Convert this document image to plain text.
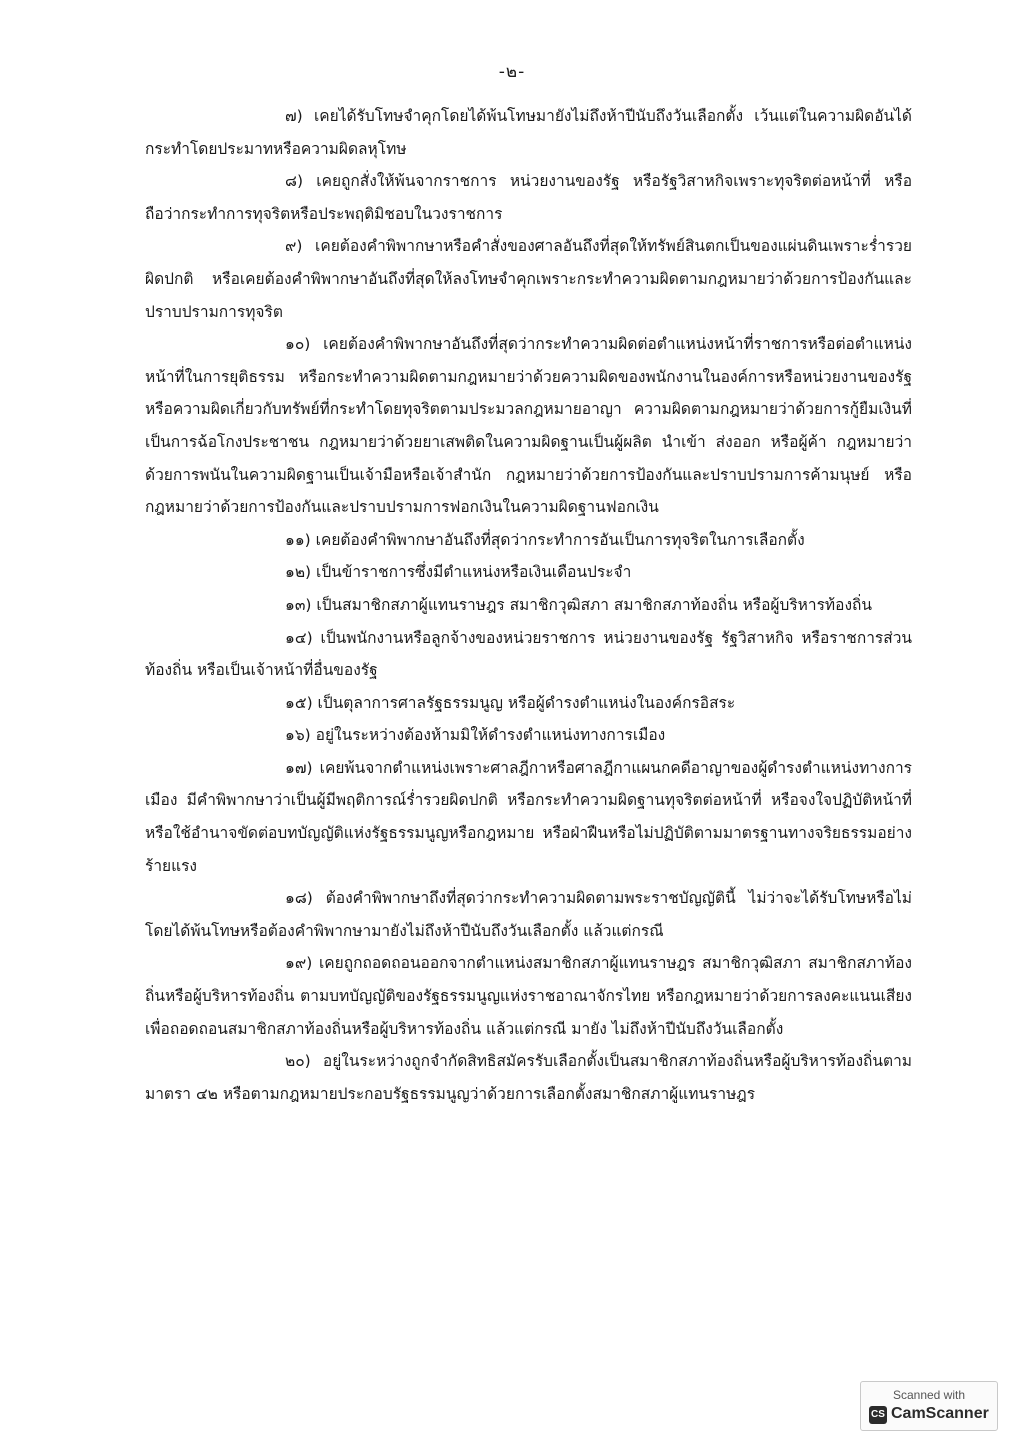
-๒-

๗) เคยได้รับโทษจำคุกโดยได้พ้นโทษมายังไม่ถึงห้าปีนับถึงวันเลือกตั้ง เว้นแต่ในความผิดอันได้กระทำโดยประมาทหรือความผิดลหุโทษ

๘) เคยถูกสั่งให้พ้นจากราชการ หน่วยงานของรัฐ หรือรัฐวิสาหกิจเพราะทุจริตต่อหน้าที่ หรือถือว่ากระทำการทุจริตหรือประพฤติมิชอบในวงราชการ

๙) เคยต้องคำพิพากษาหรือคำสั่งของศาลอันถึงที่สุดให้ทรัพย์สินตกเป็นของแผ่นดินเพราะร่ำรวยผิดปกติ หรือเคยต้องคำพิพากษาอันถึงที่สุดให้ลงโทษจำคุกเพราะกระทำความผิดตามกฎหมายว่าด้วยการป้องกันและปราบปรามการทุจริต

๑๐) เคยต้องคำพิพากษาอันถึงที่สุดว่ากระทำความผิดต่อตำแหน่งหน้าที่ราชการหรือต่อตำแหน่งหน้าที่ในการยุติธรรม หรือกระทำความผิดตามกฎหมายว่าด้วยความผิดของพนักงานในองค์การหรือหน่วยงานของรัฐ หรือความผิดเกี่ยวกับทรัพย์ที่กระทำโดยทุจริตตามประมวลกฎหมายอาญา ความผิดตามกฎหมายว่าด้วยการกู้ยืมเงินที่เป็นการฉ้อโกงประชาชน กฎหมายว่าด้วยยาเสพติดในความผิดฐานเป็นผู้ผลิต นำเข้า ส่งออก หรือผู้ค้า กฎหมายว่าด้วยการพนันในความผิดฐานเป็นเจ้ามือหรือเจ้าสำนัก กฎหมายว่าด้วยการป้องกันและปราบปรามการค้ามนุษย์ หรือกฎหมายว่าด้วยการป้องกันและปราบปรามการฟอกเงินในความผิดฐานฟอกเงิน

๑๑) เคยต้องคำพิพากษาอันถึงที่สุดว่ากระทำการอันเป็นการทุจริตในการเลือกตั้ง

๑๒) เป็นข้าราชการซึ่งมีตำแหน่งหรือเงินเดือนประจำ

๑๓) เป็นสมาชิกสภาผู้แทนราษฎร สมาชิกวุฒิสภา สมาชิกสภาท้องถิ่น หรือผู้บริหารท้องถิ่น

๑๔) เป็นพนักงานหรือลูกจ้างของหน่วยราชการ หน่วยงานของรัฐ รัฐวิสาหกิจ หรือราชการส่วนท้องถิ่น หรือเป็นเจ้าหน้าที่อื่นของรัฐ

๑๕) เป็นตุลาการศาลรัฐธรรมนูญ หรือผู้ดำรงตำแหน่งในองค์กรอิสระ

๑๖) อยู่ในระหว่างต้องห้ามมิให้ดำรงตำแหน่งทางการเมือง

๑๗) เคยพ้นจากตำแหน่งเพราะศาลฎีกาหรือศาลฎีกาแผนกคดีอาญาของผู้ดำรงตำแหน่งทางการเมือง มีคำพิพากษาว่าเป็นผู้มีพฤติการณ์ร่ำรวยผิดปกติ หรือกระทำความผิดฐานทุจริตต่อหน้าที่ หรือจงใจปฏิบัติหน้าที่ หรือใช้อำนาจขัดต่อบทบัญญัติแห่งรัฐธรรมนูญหรือกฎหมาย หรือฝ่าฝืนหรือไม่ปฏิบัติตามมาตรฐานทางจริยธรรมอย่างร้ายแรง

๑๘) ต้องคำพิพากษาถึงที่สุดว่ากระทำความผิดตามพระราชบัญญัตินี้ ไม่ว่าจะได้รับโทษหรือไม่ โดยได้พ้นโทษหรือต้องคำพิพากษามายังไม่ถึงห้าปีนับถึงวันเลือกตั้ง แล้วแต่กรณี

๑๙) เคยถูกถอดถอนออกจากตำแหน่งสมาชิกสภาผู้แทนราษฎร สมาชิกวุฒิสภา สมาชิกสภาท้องถิ่นหรือผู้บริหารท้องถิ่น ตามบทบัญญัติของรัฐธรรมนูญแห่งราชอาณาจักรไทย หรือกฎหมายว่าด้วยการลงคะแนนเสียงเพื่อถอดถอนสมาชิกสภาท้องถิ่นหรือผู้บริหารท้องถิ่น แล้วแต่กรณี มายัง ไม่ถึงห้าปีนับถึงวันเลือกตั้ง

๒๐) อยู่ในระหว่างถูกจำกัดสิทธิสมัครรับเลือกตั้งเป็นสมาชิกสภาท้องถิ่นหรือผู้บริหารท้องถิ่นตามมาตรา ๔๒ หรือตามกฎหมายประกอบรัฐธรรมนูญว่าด้วยการเลือกตั้งสมาชิกสภาผู้แทนราษฎร

Scanned with
CS CamScanner
